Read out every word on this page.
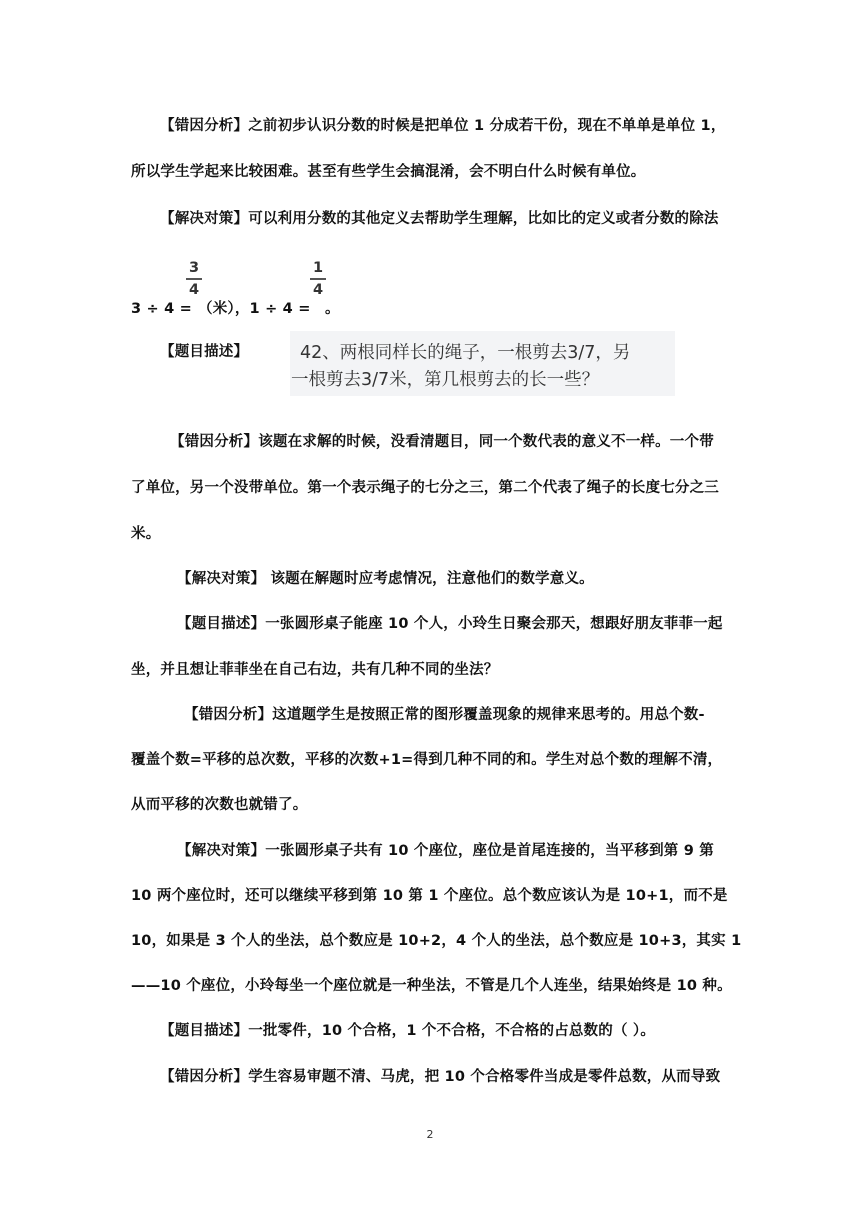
【错因分析】之前初步认识分数的时候是把单位 1 分成若干份，现在不单单是单位 1，
所以学生学起来比较困难。甚至有些学生会搞混淆，会不明白什么时候有单位。
【解决对策】可以利用分数的其他定义去帮助学生理解，比如比的定义或者分数的除法
3 ÷ 4 =
3
4
（米），1 ÷ 4 =
1
4
。
【题目描述】	42、两根同样长的绳子，一根剪去3/7，另
一根剪去3/7米，第几根剪去的长一些？
【错因分析】该题在求解的时候，没看清题目，同一个数代表的意义不一样。一个带
了单位，另一个没带单位。第一个表示绳子的七分之三，第二个代表了绳子的长度七分之三
米。
【解决对策】 该题在解题时应考虑情况，注意他们的数学意义。
【题目描述】一张圆形桌子能座 10 个人，小玲生日聚会那天，想跟好朋友菲菲一起
坐，并且想让菲菲坐在自己右边，共有几种不同的坐法？
【错因分析】这道题学生是按照正常的图形覆盖现象的规律来思考的。用总个数-
覆盖个数=平移的总次数，平移的次数+1=得到几种不同的和。学生对总个数的理解不清，
从而平移的次数也就错了。
【解决对策】一张圆形桌子共有 10 个座位，座位是首尾连接的，当平移到第 9 第
10 两个座位时，还可以继续平移到第 10 第 1 个座位。总个数应该认为是 10+1，而不是
10，如果是 3 个人的坐法，总个数应是 10+2，4 个人的坐法，总个数应是 10+3，其实 1
——10 个座位，小玲每坐一个座位就是一种坐法，不管是几个人连坐，结果始终是 10 种。
【题目描述】一批零件，10 个合格，1 个不合格，不合格的占总数的（ ）。
【错因分析】学生容易审题不清、马虎，把 10 个合格零件当成是零件总数，从而导致
2
